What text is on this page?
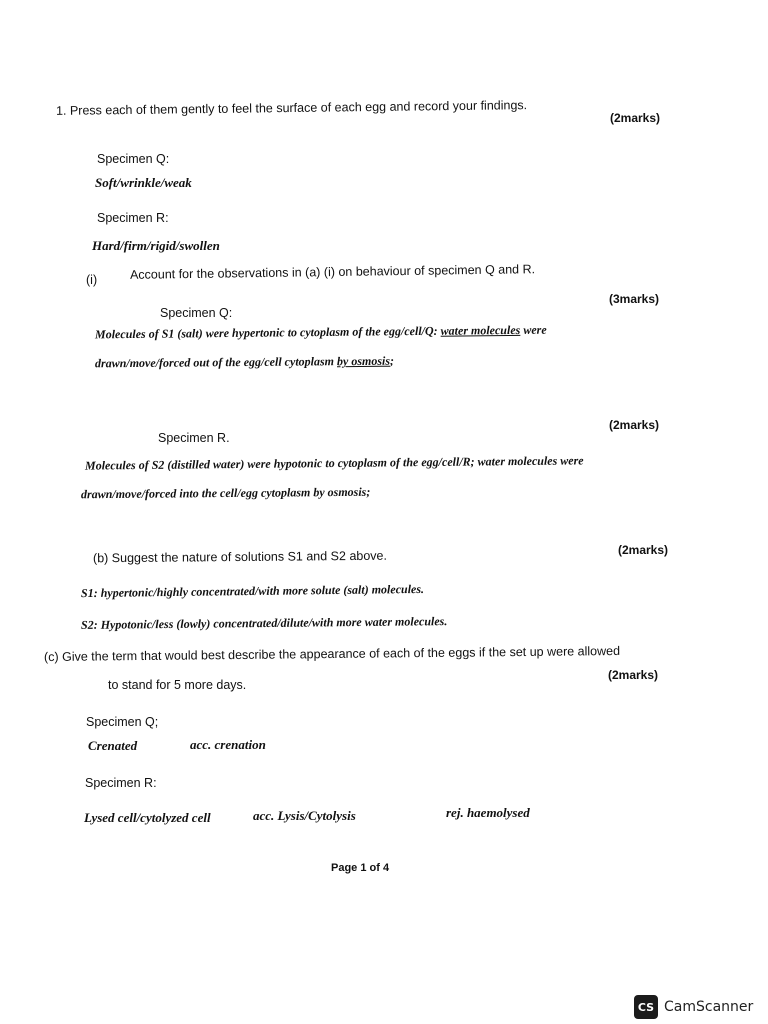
1. Press each of them gently to feel the surface of each egg and record your findings.
(2marks)
Specimen Q:
Soft/wrinkle/weak
Specimen R:
Hard/firm/rigid/swollen
(i)	Account for the observations in (a) (i) on behaviour of specimen Q and R.
(3marks)
Specimen Q:
Molecules of S1 (salt) were hypertonic to cytoplasm of the egg/cell/Q: water molecules were
drawn/move/forced out of the egg/cell cytoplasm by osmosis;
(2marks)
Specimen R.
Molecules of S2 (distilled water) were hypotonic to cytoplasm of the egg/cell/R; water molecules were
drawn/move/forced into the cell/egg cytoplasm by osmosis;
(b) Suggest the nature of solutions S1 and S2 above.	(2marks)
S1: hypertonic/highly concentrated/with more solute (salt) molecules.
S2: Hypotonic/less (lowly) concentrated/dilute/with more water molecules.
(c) Give the term that would best describe the appearance of each of the eggs if the set up were allowed
to stand for 5 more days.
(2marks)
Specimen Q;
Crenated	acc. crenation
Specimen R:
Lysed cell/cytolyzed cell	acc. Lysis/Cytolysis	rej. haemolysed
Page 1 of 4
CS CamScanner
